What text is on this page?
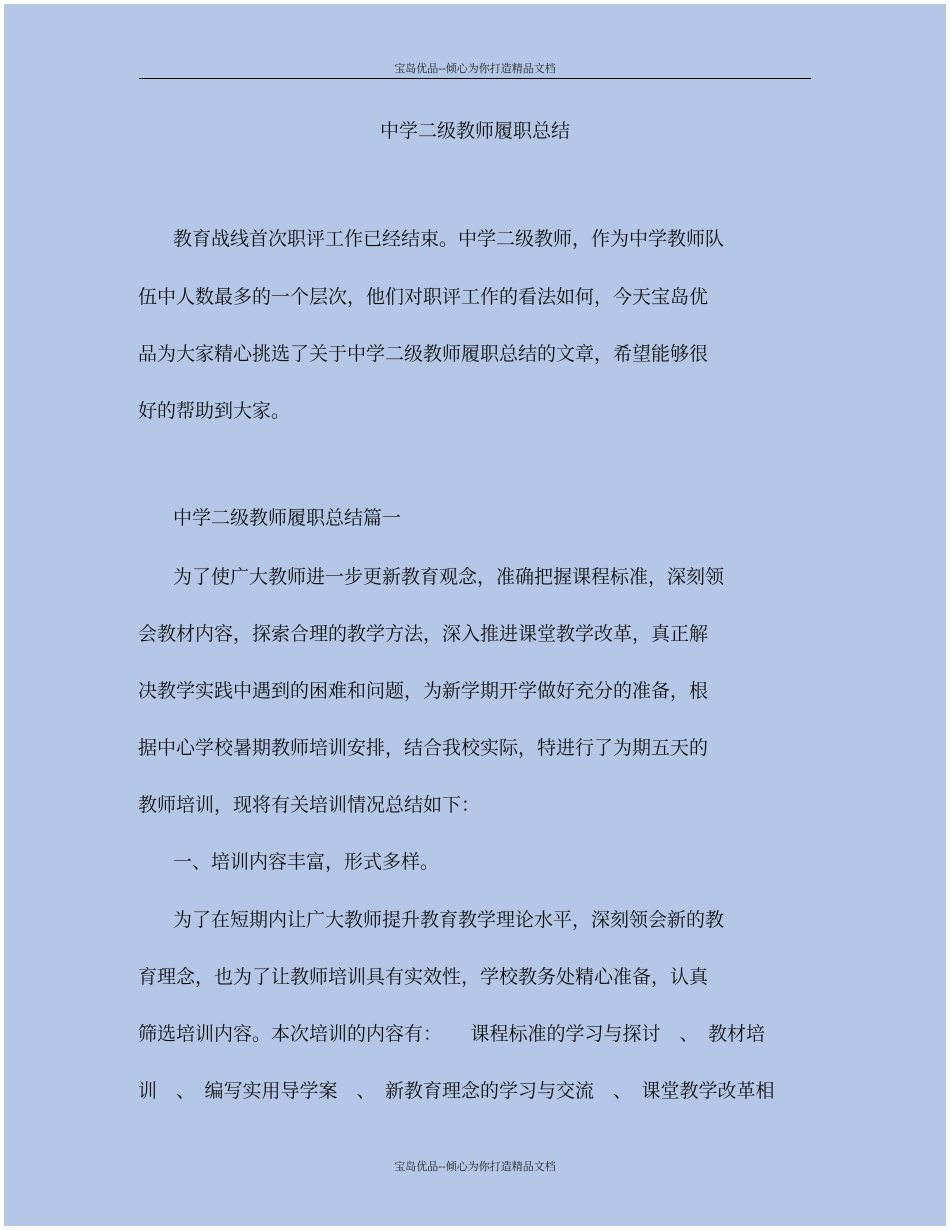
宝岛优品--倾心为你打造精品文档
中学二级教师履职总结
教育战线首次职评工作已经结束。中学二级教师，作为中学教师队
伍中人数最多的一个层次，他们对职评工作的看法如何，今天宝岛优
品为大家精心挑选了关于中学二级教师履职总结的文章，希望能够很
好的帮助到大家。
中学二级教师履职总结篇一
为了使广大教师进一步更新教育观念，准确把握课程标准，深刻领
会教材内容，探索合理的教学方法，深入推进课堂教学改革，真正解
决教学实践中遇到的困难和问题，为新学期开学做好充分的准备，根
据中心学校暑期教师培训安排，结合我校实际，特进行了为期五天的
教师培训，现将有关培训情况总结如下：
一、培训内容丰富，形式多样。
为了在短期内让广大教师提升教育教学理论水平，深刻领会新的教
育理念，也为了让教师培训具有实效性，学校教务处精心准备，认真
筛选培训内容。本次培训的内容有：　　课程标准的学习与探讨　、　教材培
训　、　编写实用导学案　、　新教育理念的学习与交流　、　课堂教学改革相
宝岛优品--倾心为你打造精品文档
